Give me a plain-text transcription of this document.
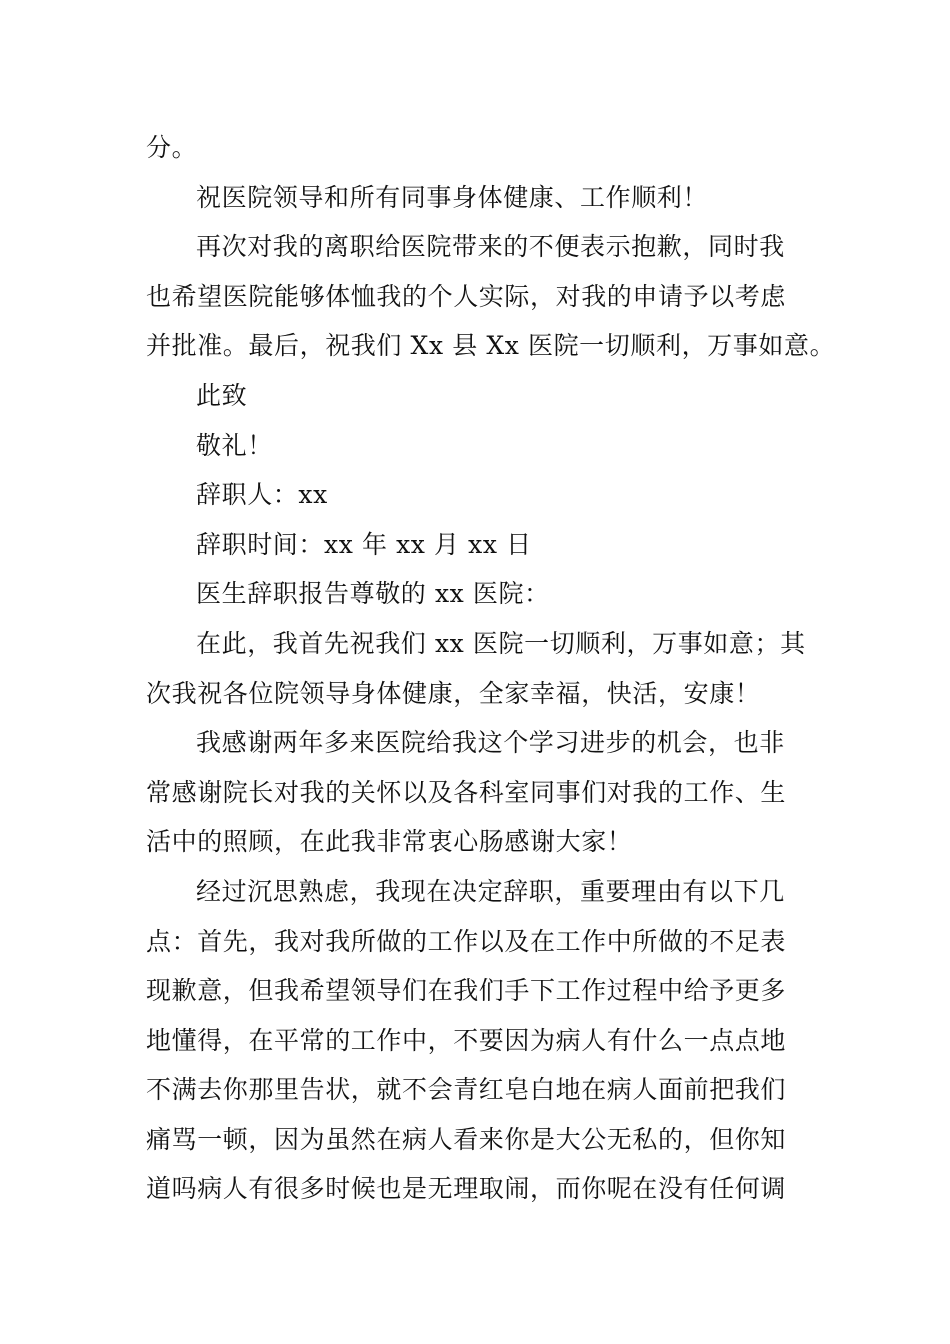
分。
祝医院领导和所有同事身体健康、工作顺利！
再次对我的离职给医院带来的不便表示抱歉，同时我
也希望医院能够体恤我的个人实际，对我的申请予以考虑
并批准。最后，祝我们 Xx 县 Xx 医院一切顺利，万事如意。
此致
敬礼！
辞职人：xx
辞职时间：xx 年 xx 月 xx 日
医生辞职报告尊敬的 xx 医院：
在此，我首先祝我们 xx 医院一切顺利，万事如意；其
次我祝各位院领导身体健康，全家幸福，快活，安康！
我感谢两年多来医院给我这个学习进步的机会，也非
常感谢院长对我的关怀以及各科室同事们对我的工作、生
活中的照顾，在此我非常衷心肠感谢大家！
经过沉思熟虑，我现在决定辞职，重要理由有以下几
点：首先，我对我所做的工作以及在工作中所做的不足表
现歉意，但我希望领导们在我们手下工作过程中给予更多
地懂得，在平常的工作中，不要因为病人有什么一点点地
不满去你那里告状，就不会青红皂白地在病人面前把我们
痛骂一顿，因为虽然在病人看来你是大公无私的，但你知
道吗病人有很多时候也是无理取闹，而你呢在没有任何调
